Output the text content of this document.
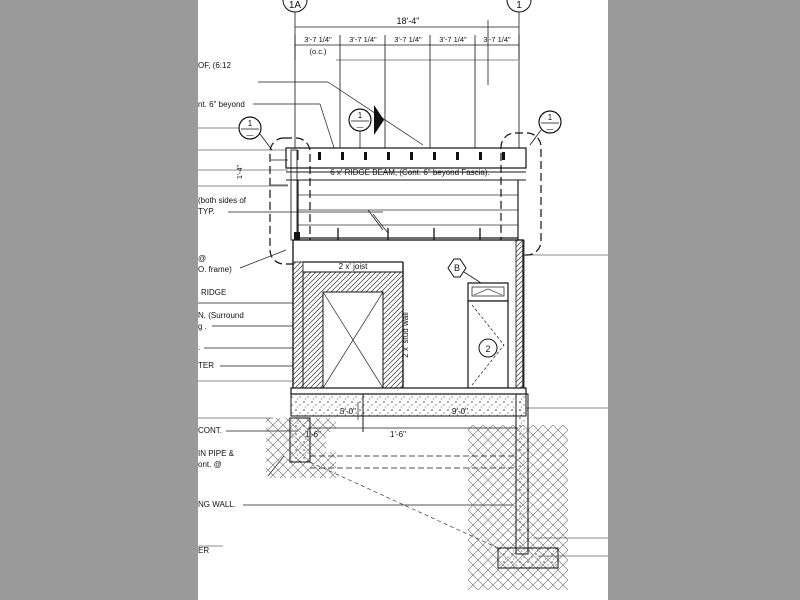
1A	1
18'-4"
3'-7 1/4" 3'-7 1/4" 3'-7 1/4" 3'-7 1/4" 3'-7 1/4"
(o.c.)
OF, (6:12
nt. 6" beyond
(both sides of
TYP.
@
O. frame)
RIDGE
N, (Surround
g .
.
TER
CONT.
IN PIPE &
ont. @
NG WALL.
ER
6 x' RIDGE BEAM, (Cont. 6" beyond Fascia).
1'-4"
1
—
1
—
1
—
2 x' joist
2 x' stud wall
B
2
5'-0"	9'-0"
1'-6"	1'-6"
